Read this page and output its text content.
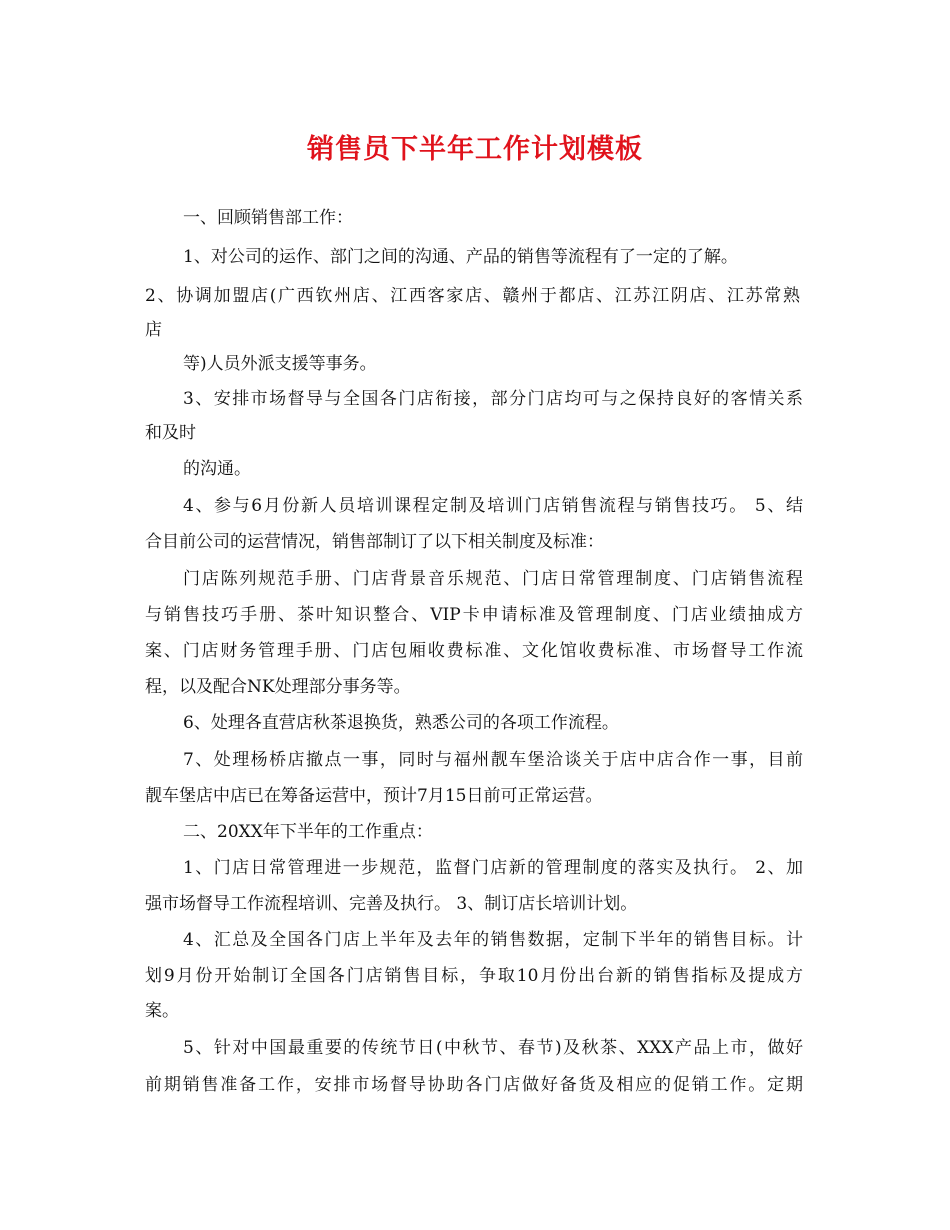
销售员下半年工作计划模板
一、回顾销售部工作：
1、对公司的运作、部门之间的沟通、产品的销售等流程有了一定的了解。
2、协调加盟店(广西钦州店、江西客家店、赣州于都店、江苏江阴店、江苏常熟
店
等)人员外派支援等事务。
3、安排市场督导与全国各门店衔接，部分门店均可与之保持良好的客情关系
和及时
的沟通。
4、参与6月份新人员培训课程定制及培训门店销售流程与销售技巧。 5、结
合目前公司的运营情况，销售部制订了以下相关制度及标准：
门店陈列规范手册、门店背景音乐规范、门店日常管理制度、门店销售流程
与销售技巧手册、茶叶知识整合、VIP卡申请标准及管理制度、门店业绩抽成方
案、门店财务管理手册、门店包厢收费标准、文化馆收费标准、市场督导工作流
程，以及配合NK处理部分事务等。
6、处理各直营店秋茶退换货，熟悉公司的各项工作流程。
7、处理杨桥店撤点一事，同时与福州靓车堡洽谈关于店中店合作一事，目前
靓车堡店中店已在筹备运营中，预计7月15日前可正常运营。
二、20XX年下半年的工作重点：
1、门店日常管理进一步规范，监督门店新的管理制度的落实及执行。 2、加
强市场督导工作流程培训、完善及执行。 3、制订店长培训计划。
4、汇总及全国各门店上半年及去年的销售数据，定制下半年的销售目标。计
划9月份开始制订全国各门店销售目标，争取10月份出台新的销售指标及提成方
案。
5、针对中国最重要的传统节日(中秋节、春节)及秋茶、XXX产品上市，做好
前期销售准备工作，安排市场督导协助各门店做好备货及相应的促销工作。定期
